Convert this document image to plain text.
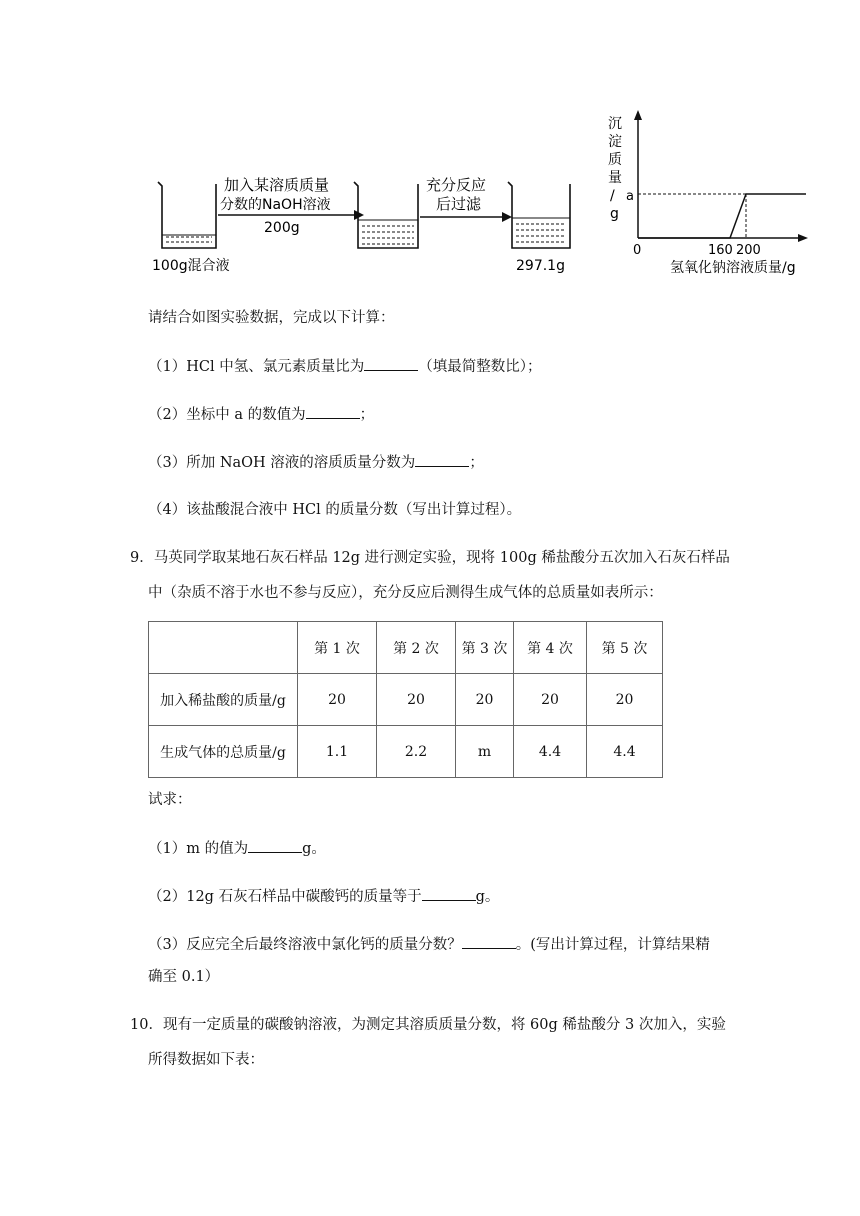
100g混合液
加入某溶质质量
分数的NaOH溶液
200g
充分反应
后过滤
297.1g
沉淀质量/ g
0	160 200
a
氢氧化钠溶液质量/g
请结合如图实验数据，完成以下计算：
（1）HCl 中氢、氯元素质量比为	（填最简整数比）；
（2）坐标中 a 的数值为	；
（3）所加 NaOH 溶液的溶质质量分数为	；
（4）该盐酸混合液中 HCl 的质量分数（写出计算过程）。
9．马英同学取某地石灰石样品 12g 进行测定实验，现将 100g 稀盐酸分五次加入石灰石样品
中（杂质不溶于水也不参与反应），充分反应后测得生成气体的总质量如表所示：
	第 1 次	第 2 次	第 3 次	第 4 次	第 5 次
加入稀盐酸的质量/g	20	20	20	20	20
生成气体的总质量/g	1.1	2.2	m	4.4	4.4
试求：
（1）m 的值为	g。
（2）12g 石灰石样品中碳酸钙的质量等于	g。
（3）反应完全后最终溶液中氯化钙的质量分数？	。(写出计算过程，计算结果精
确至 0.1）
10．现有一定质量的碳酸钠溶液，为测定其溶质质量分数，将 60g 稀盐酸分 3 次加入，实验
所得数据如下表：
